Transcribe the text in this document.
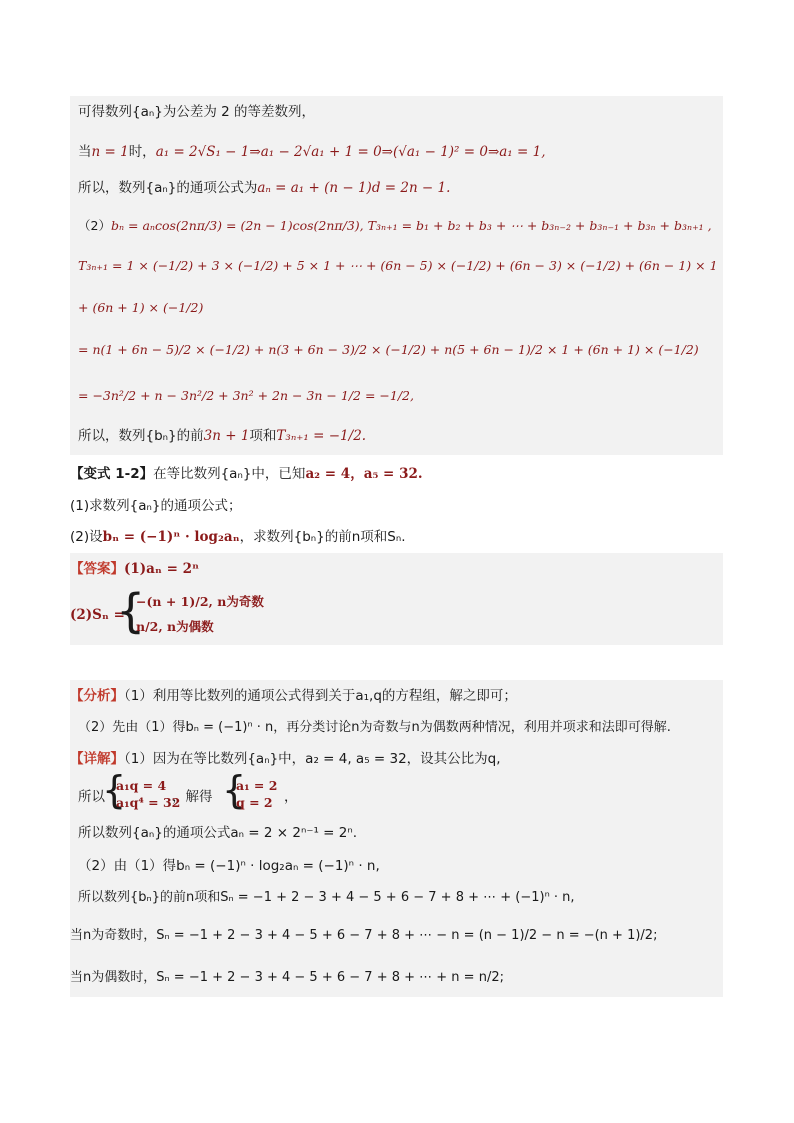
可得数列{aₙ}为公差为 2 的等差数列，
当n = 1时，a₁ = 2√S₁ − 1⇒a₁ − 2√a₁ + 1 = 0⇒(√a₁ − 1)² = 0⇒a₁ = 1,
所以，数列{aₙ}的通项公式为aₙ = a₁ + (n − 1)d = 2n − 1.
（2）bₙ = aₙcos(2nπ/3) = (2n − 1)cos(2nπ/3), T₃ₙ₊₁ = b₁ + b₂ + b₃ + ⋯ + b₃ₙ₋₂ + b₃ₙ₋₁ + b₃ₙ + b₃ₙ₊₁ ,
T₃ₙ₊₁ = 1 × (−1/2) + 3 × (−1/2) + 5 × 1 + ⋯ + (6n − 5) × (−1/2) + (6n − 3) × (−1/2) + (6n − 1) × 1
+ (6n + 1) × (−1/2)
= n(1 + 6n − 5)/2 × (−1/2) + n(3 + 6n − 3)/2 × (−1/2) + n(5 + 6n − 1)/2 × 1 + (6n + 1) × (−1/2)
= −3n²/2 + n − 3n²/2 + 3n² + 2n − 3n − 1/2 = −1/2,
所以，数列{bₙ}的前3n + 1项和T₃ₙ₊₁ = −1/2.
【变式 1-2】在等比数列{aₙ}中，已知a₂ = 4，a₅ = 32.
(1)求数列{aₙ}的通项公式；
(2)设bₙ = (−1)ⁿ · log₂aₙ，求数列{bₙ}的前n项和Sₙ.
【答案】(1)aₙ = 2ⁿ
(2)Sₙ =
{
−(n + 1)/2, n为奇数
n/2, n为偶数
【分析】（1）利用等比数列的通项公式得到关于a₁,q的方程组，解之即可；
（2）先由（1）得bₙ = (−1)ⁿ · n，再分类讨论n为奇数与n为偶数两种情况，利用并项求和法即可得解.
【详解】（1）因为在等比数列{aₙ}中，a₂ = 4, a₅ = 32，设其公比为q,
所以
{
a₁q = 4
a₁q⁴ = 32
，解得 {
a₁ = 2
q = 2 ，
所以数列{aₙ}的通项公式aₙ = 2 × 2ⁿ⁻¹ = 2ⁿ.
（2）由（1）得bₙ = (−1)ⁿ · log₂aₙ = (−1)ⁿ · n,
所以数列{bₙ}的前n项和Sₙ = −1 + 2 − 3 + 4 − 5 + 6 − 7 + 8 + ⋯ + (−1)ⁿ · n,
当n为奇数时，Sₙ = −1 + 2 − 3 + 4 − 5 + 6 − 7 + 8 + ⋯ − n = (n − 1)/2 − n = −(n + 1)/2;
当n为偶数时，Sₙ = −1 + 2 − 3 + 4 − 5 + 6 − 7 + 8 + ⋯ + n = n/2;
